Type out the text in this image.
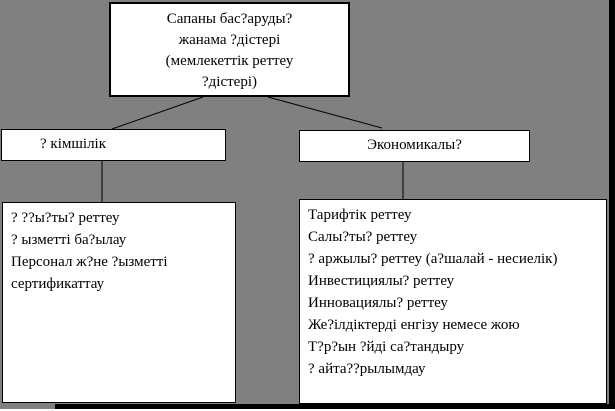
Сапаны бас?аруды?
жанама ?дістері
(мемлекеттік реттеу
?дістері)
? кімшілік	Экономикалы?
? ??ы?ты? реттеу
? ызметті ба?ылау
Персонал ж?не ?ызметті сертификаттау
Тарифтік реттеу
Салы?ты? реттеу
? аржылы? реттеу (а?шалай - несиелік)
Инвестициялы? реттеу
Инновациялы? реттеу
Же?ілдіктерді енгізу немесе жою
Т?р?ын ?йді са?тандыру
? айта??рылымдау
